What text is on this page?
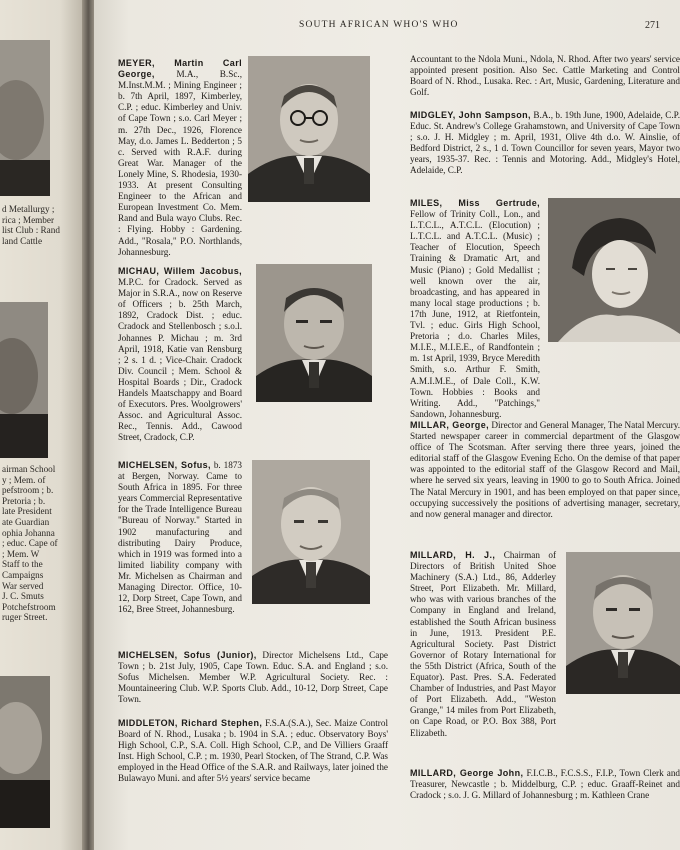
d Metallurgy ;
rica ; Member
list Club : Rand
land Cattle
airman School
y ; Mem. of
pefstroom ; b.
Pretoria ; b.
late President
ate Guardian
ophia Johanna
; educ. Cape of
; Mem. W
Staff to the
Campaigns
War served
J. C. Smuts
Potchefstroom
ruger Street.
SOUTH AFRICAN WHO'S WHO	271
MEYER, Martin Carl George, M.A., B.Sc., M.Inst.M.M. ; Mining Engineer ; b. 7th April, 1897, Kimberley, C.P. ; educ. Kimberley and Univ. of Cape Town ; s.o. Carl Meyer ; m. 27th Dec., 1926, Florence May, d.o. James L. Bedderton ; 5 c. Served with R.A.F. during Great War. Manager of the Lonely Mine, S. Rhodesia, 1930-1933. At present Consulting Engineer to the African and European Investment Co. Mem. Rand and Bula wayo Clubs. Rec. : Flying. Hobby : Gardening. Add., "Rosala," P.O. Northlands, Johannesburg.
MICHAU, Willem Jacobus, M.P.C. for Cradock. Served as Major in S.R.A., now on Reserve of Officers ; b. 25th March, 1892, Cradock Dist. ; educ. Cradock and Stellenbosch ; s.o.l. Johannes P. Michau ; m. 3rd April, 1918, Katie van Rensburg ; 2 s. 1 d. ; Vice-Chair. Cradock Div. Council ; Mem. School & Hospital Boards ; Dir., Cradock Handels Maatschappy and Board of Executors. Pres. Woolgrowers' Assoc. and Agricultural Assoc. Rec., Tennis. Add., Cawood Street, Cradock, C.P.
MICHELSEN, Sofus, b. 1873 at Bergen, Norway. Came to South Africa in 1895. For three years Commercial Representative for the Trade Intelligence Bureau "Bureau of Norway." Started in 1902 manufacturing and distributing Dairy Produce, which in 1919 was formed into a limited liability company with Mr. Michelsen as Chairman and Managing Director. Office, 10-12, Dorp Street, Cape Town, and 162, Bree Street, Johannesburg.
MICHELSEN, Sofus (Junior), Director Michelsens Ltd., Cape Town ; b. 21st July, 1905, Cape Town. Educ. S.A. and England ; s.o. Sofus Michelsen. Member W.P. Agricultural Society. Rec. : Mountaineering Club. W.P. Sports Club. Add., 10-12, Dorp Street, Cape Town.
MIDDLETON, Richard Stephen, F.S.A.(S.A.), Sec. Maize Control Board of N. Rhod., Lusaka ; b. 1904 in S.A. ; educ. Observatory Boys' High School, C.P., S.A. Coll. High School, C.P., and De Villiers Graaff Inst. High School, C.P. ; m. 1930, Pearl Stocken, of The Strand, C.P. Was employed in the Head Office of the S.A.R. and Railways, later joined the Bulawayo Muni. and after 5½ years' service became
Accountant to the Ndola Muni., Ndola, N. Rhod. After two years' service appointed present position. Also Sec. Cattle Marketing and Control Board of N. Rhod., Lusaka. Rec. : Art, Music, Gardening, Literature and Golf.
MIDGLEY, John Sampson, B.A., b. 19th June, 1900, Adelaide, C.P. Educ. St. Andrew's College Grahamstown, and University of Cape Town ; s.o. J. H. Midgley ; m. April, 1931, Olive 4th d.o. W. Ainslie, of Bedford District, 2 s., 1 d. Town Councillor for seven years, Mayor two years, 1935-37. Rec. : Tennis and Motoring. Add., Midgley's Hotel, Adelaide, C.P.
MILES, Miss Gertrude, Fellow of Trinity Coll., Lon., and L.T.C.L., A.T.C.L. (Elocution) ; L.T.C.L. and A.T.C.L. (Music) ; Teacher of Elocution, Speech Training & Dramatic Art, and Music (Piano) ; Gold Medallist ; well known over the air, broadcasting, and has appeared in many local stage productions ; b. 17th June, 1912, at Rietfontein, Tvl. ; educ. Girls High School, Pretoria ; d.o. Charles Miles, M.I.E., M.I.E.E., of Randfontein ; m. 1st April, 1939, Bryce Meredith Smith, s.o. Arthur F. Smith, A.M.I.M.E., of Dale Coll., K.W. Town. Hobbies : Books and Writing. Add., "Patchings," Sandown, Johannesburg.
MILLAR, George, Director and General Manager, The Natal Mercury. Started newspaper career in commercial department of the Glasgow office of The Scotsman. After serving there three years, joined the editorial staff of the Glasgow Evening Echo. On the demise of that paper was appointed to the editorial staff of the Glasgow Record and Mail, where he served six years, leaving in 1900 to go to South Africa. Joined The Natal Mercury in 1901, and has been employed on that paper since, occupying successively the positions of advertising manager, secretary, and now general manager and director.
MILLARD, H. J., Chairman of Directors of British United Shoe Machinery (S.A.) Ltd., 86, Adderley Street, Port Elizabeth. Mr. Millard, who was with various branches of the Company in England and Ireland, established the South African business in June, 1913. President P.E. Agricultural Society. Past District Governor of Rotary International for the 55th District (Africa, South of the Equator). Past. Pres. S.A. Federated Chamber of Industries, and Past Mayor of Port Elizabeth. Add., "Weston Grange," 14 miles from Port Elizabeth, on Cape Road, or P.O. Box 388, Port Elizabeth.
MILLARD, George John, F.I.C.B., F.C.S.S., F.I.P., Town Clerk and Treasurer, Newcastle ; b. Middelburg, C.P. ; educ. Graaff-Reinet and Cradock ; s.o. J. G. Millard of Johannesburg ; m. Kathleen Crane
